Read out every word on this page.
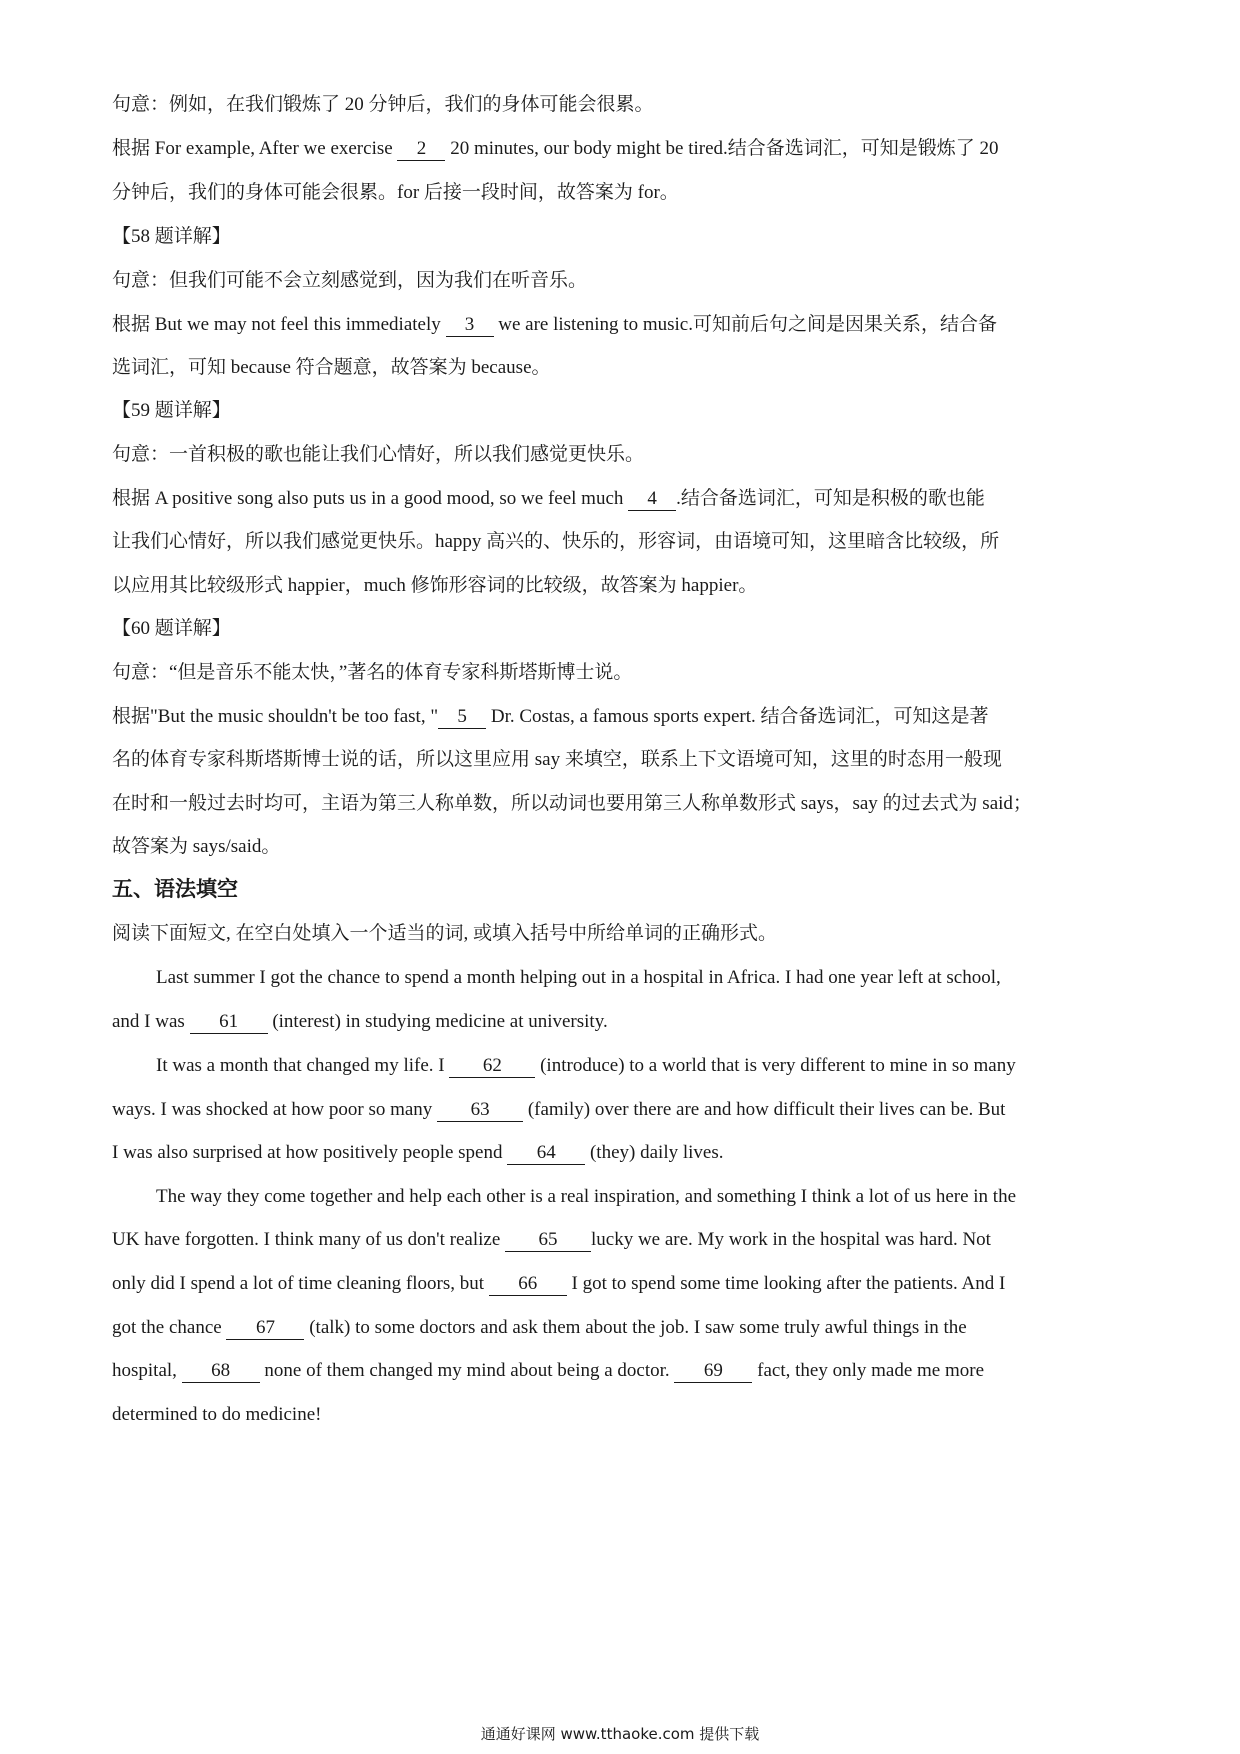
句意：例如，在我们锻炼了 20 分钟后，我们的身体可能会很累。
根据 For example, After we exercise 2 20 minutes, our body might be tired.结合备选词汇，可知是锻炼了 20
分钟后，我们的身体可能会很累。for 后接一段时间，故答案为 for。
【58 题详解】
句意：但我们可能不会立刻感觉到，因为我们在听音乐。
根据 But we may not feel this immediately 3 we are listening to music.可知前后句之间是因果关系，结合备
选词汇，可知 because 符合题意，故答案为 because。
【59 题详解】
句意：一首积极的歌也能让我们心情好，所以我们感觉更快乐。
根据 A positive song also puts us in a good mood, so we feel much 4 .结合备选词汇，可知是积极的歌也能
让我们心情好，所以我们感觉更快乐。happy 高兴的、快乐的，形容词，由语境可知，这里暗含比较级，所
以应用其比较级形式 happier，much 修饰形容词的比较级，故答案为 happier。
【60 题详解】
句意：“但是音乐不能太快，”著名的体育专家科斯塔斯博士说。
根据"But the music shouldn't be too fast, " 5 Dr. Costas, a famous sports expert. 结合备选词汇，可知这是著
名的体育专家科斯塔斯博士说的话，所以这里应用 say 来填空，联系上下文语境可知，这里的时态用一般现
在时和一般过去时均可，主语为第三人称单数，所以动词也要用第三人称单数形式 says，say 的过去式为 said；
故答案为 says/said。
五、语法填空
阅读下面短文, 在空白处填入一个适当的词, 或填入括号中所给单词的正确形式。
Last summer I got the chance to spend a month helping out in a hospital in Africa. I had one year left at school,
and I was 61 (interest) in studying medicine at university.
It was a month that changed my life. I 62 (introduce) to a world that is very different to mine in so many
ways. I was shocked at how poor so many 63 (family) over there are and how difficult their lives can be. But
I was also surprised at how positively people spend 64 (they) daily lives.
The way they come together and help each other is a real inspiration, and something I think a lot of us here in the
UK have forgotten. I think many of us don't realize 65 lucky we are. My work in the hospital was hard. Not
only did I spend a lot of time cleaning floors, but 66 I got to spend some time looking after the patients. And I
got the chance 67 (talk) to some doctors and ask them about the job. I saw some truly awful things in the
hospital, 68 none of them changed my mind about being a doctor. 69 fact, they only made me more
determined to do medicine!
通通好课网 www.tthaoke.com 提供下载
